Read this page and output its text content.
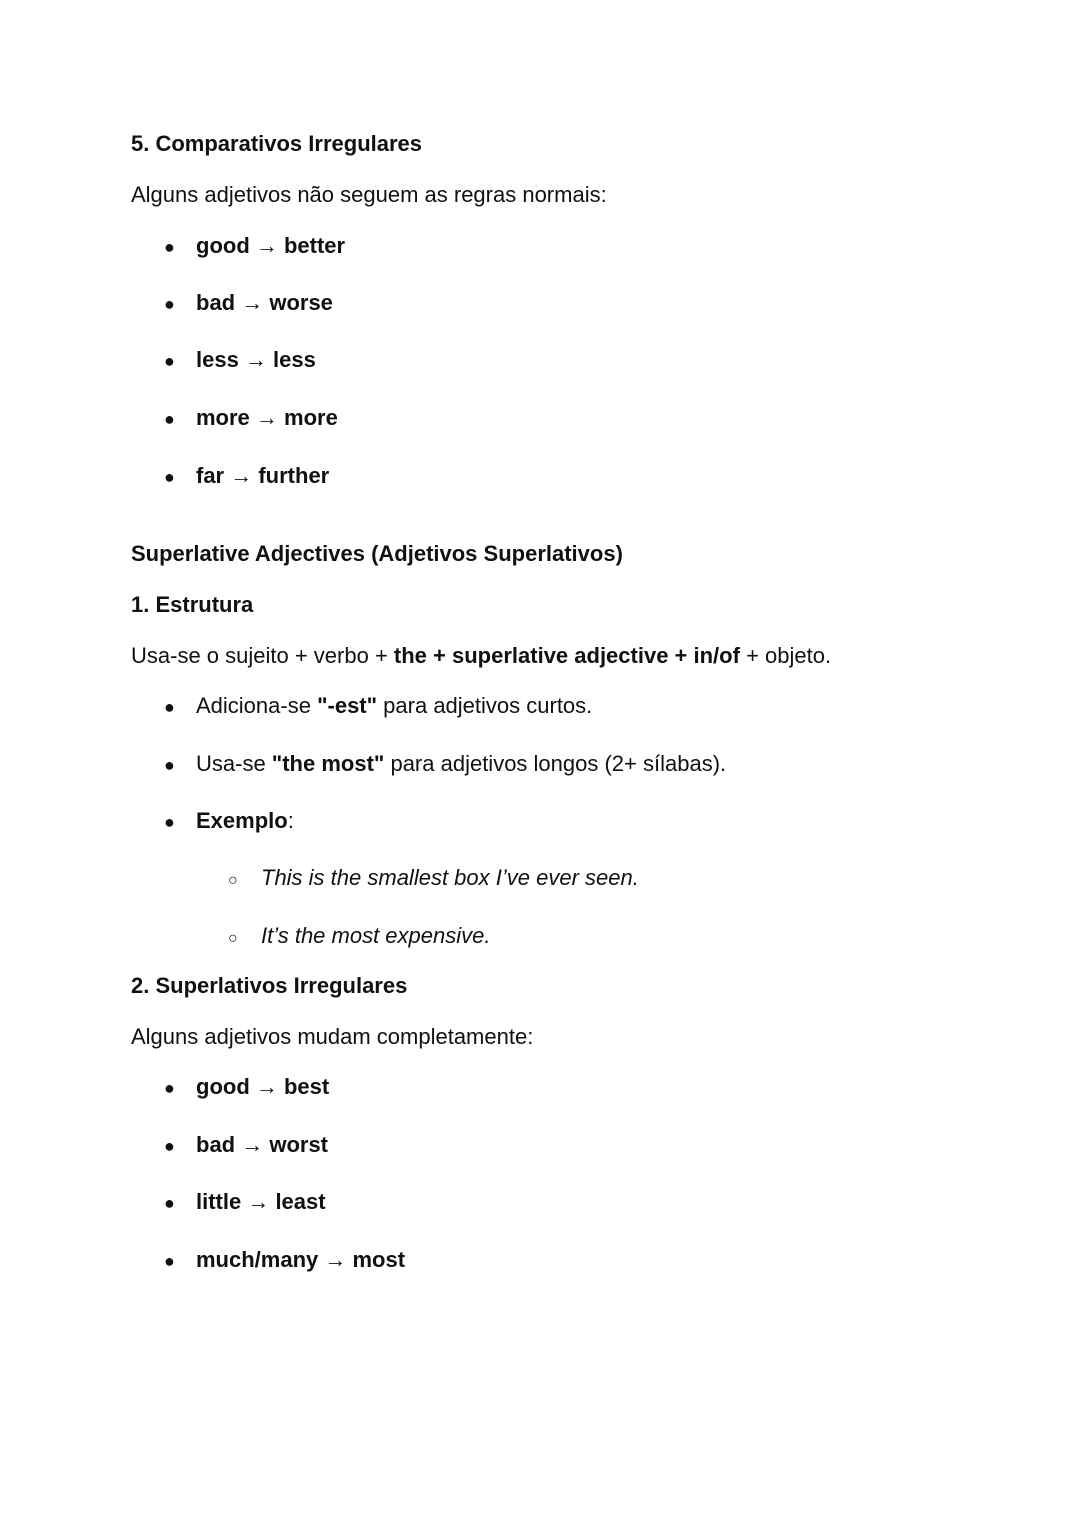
5. Comparativos Irregulares
Alguns adjetivos não seguem as regras normais:
● good → better
● bad → worse
● less → less
● more → more
● far → further
Superlative Adjectives (Adjetivos Superlativos)
1. Estrutura
Usa-se o sujeito + verbo + the + superlative adjective + in/of + objeto.
● Adiciona-se "-est" para adjetivos curtos.
● Usa-se "the most" para adjetivos longos (2+ sílabas).
● Exemplo:
○ This is the smallest box I’ve ever seen.
○ It’s the most expensive.
2. Superlativos Irregulares
Alguns adjetivos mudam completamente:
● good → best
● bad → worst
● little → least
● much/many → most
